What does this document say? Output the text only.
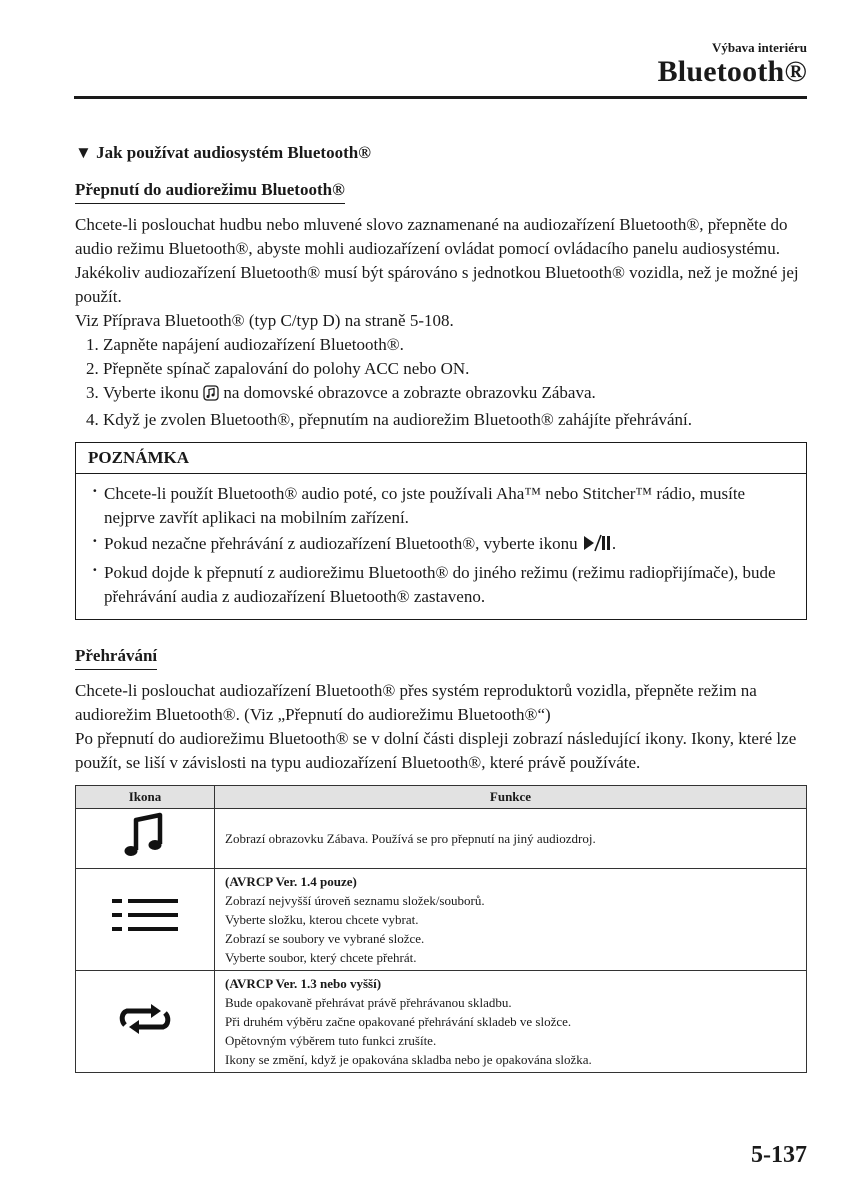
Výbava interiéru
Bluetooth®
▼ Jak používat audiosystém Bluetooth®
Přepnutí do audiorežimu Bluetooth®

Chcete-li poslouchat hudbu nebo mluvené slovo zaznamenané na audiozařízení Bluetooth®, přepněte do audio režimu Bluetooth®, abyste mohli audiozařízení ovládat pomocí ovládacího panelu audiosystému. Jakékoliv audiozařízení Bluetooth® musí být spárováno s jednotkou Bluetooth® vozidla, než je možné jej použít.

Viz Příprava Bluetooth® (typ C/typ D) na straně 5-108.

1. Zapněte napájení audiozařízení Bluetooth®.
2. Přepněte spínač zapalování do polohy ACC nebo ON.
3. Vyberte ikonu na domovské obrazovce a zobrazte obrazovku Zábava.
4. Když je zvolen Bluetooth®, přepnutím na audiorežim Bluetooth® zahájíte přehrávání.
POZNÁMKA
· Chcete-li použít Bluetooth® audio poté, co jste používali Aha™ nebo Stitcher™ rádio, musíte nejprve zavřít aplikaci na mobilním zařízení.
· Pokud nezačne přehrávání z audiozařízení Bluetooth®, vyberte ikonu .
· Pokud dojde k přepnutí z audiorežimu Bluetooth® do jiného režimu (režimu radiopřijímače), bude přehrávání audia z audiozařízení Bluetooth® zastaveno.
Přehrávání

Chcete-li poslouchat audiozařízení Bluetooth® přes systém reproduktorů vozidla, přepněte režim na audiorežim Bluetooth®. (Viz „Přepnutí do audiorežimu Bluetooth®“)

Po přepnutí do audiorežimu Bluetooth® se v dolní části displeji zobrazí následující ikony. Ikony, které lze použít, se liší v závislosti na typu audiozařízení Bluetooth®, které právě používáte.

Ikona	Funkce

Zobrazí obrazovku Zábava. Používá se pro přepnutí na jiný audiozdroj.

(AVRCP Ver. 1.4 pouze)
Zobrazí nejvyšší úroveň seznamu složek/souborů.
Vyberte složku, kterou chcete vybrat.
Zobrazí se soubory ve vybrané složce.
Vyberte soubor, který chcete přehrát.

(AVRCP Ver. 1.3 nebo vyšší)
Bude opakovaně přehrávat právě přehrávanou skladbu.
Při druhém výběru začne opakované přehrávání skladeb ve složce.
Opětovným výběrem tuto funkci zrušíte.
Ikony se změní, když je opakována skladba nebo je opakována složka.
5-137
